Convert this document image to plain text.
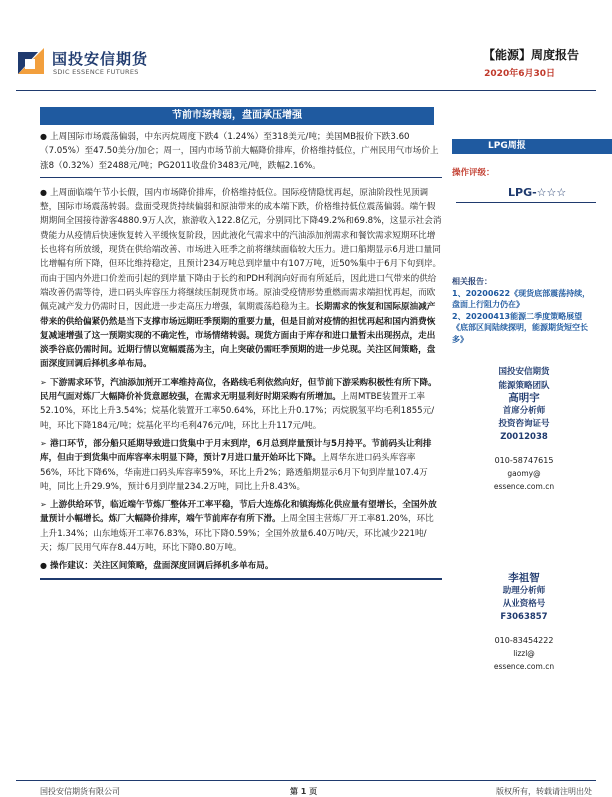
国投安信期货
SDIC ESSENCE FUTURES
【能源】周度报告
2020年6月30日
节前市场转弱，盘面承压增强

● 上周国际市场震荡偏弱，中东丙烷周度下跌4（1.24%）至318美元/吨；美国MB报价下跌3.60（7.05%）至47.50美分/加仑；周一，国内市场节前大幅降价排库，价格维持低位，广州民用气市场价上涨8（0.32%）至2488元/吨；PG2011收盘价3483元/吨，跌幅2.16%。

● 上周面临端午节小长假，国内市场降价排库，价格维持低位。国际疫情隐忧再起，原油阶段性见顶调整，国际市场震荡转弱。盘面受现货持续偏弱和原油带来的成本端下跌，价格维持低位震荡偏弱。端午假期期间全国接待游客4880.9万人次，旅游收入122.8亿元，分别同比下降49.2%和69.8%，这显示社会消费能力从疫情后快速恢复转入平缓恢复阶段，因此液化气需求中的汽油添加剂需求和餐饮需求短期环比增长也将有所放缓，现货在供给端改善、市场进入旺季之前将继续面临较大压力。进口船期显示6月进口量同比增幅有所下降，但环比维持稳定，且预计234万吨总到岸量中有107万吨，近50%集中于6月下旬到岸。而由于国内外进口价差而引起的到岸量下降由于长约和PDH利润向好而有所延后，因此进口气带来的供给端改善仍需等待，进口码头库容压力将继续压制现货市场。原油受疫情形势重燃而需求端担忧再起，而欧佩克减产发力仍需时日，因此进一步走高压力增强，氧期震荡趋稳为主。长期需求的恢复和国际原油减产带来的供给偏紧仍然是当下支撑市场远期旺季预期的重要力量，但是目前对疫情的担忧再起和国内消费恢复减速增强了这一预期实现的不确定性，市场情绪转弱。现货方面由于库存和进口量暂未出现拐点，走出淡季谷底仍需时间。近期行情以宽幅震荡为主，向上突破仍需旺季预期的进一步兑现。关注区间策略，盘面深度回调后择机多单布局。

➢ 下游需求环节，汽油添加剂开工率维持高位，各路线毛利依然向好，但节前下游采购积极性有所下降。民用气面对炼厂大幅降价补货意愿较强，在需求无明显利好时期采购有所增加。上周MTBE装置开工率52.10%，环比上升3.54%；烷基化装置开工率50.64%，环比上升0.17%；丙烷脱氢平均毛利1855元/吨，环比下降184元/吨；烷基化平均毛利476元/吨，环比上升117元/吨。

➢ 港口环节，部分船只延期导致进口货集中于月末到岸，6月总到岸量预计与5月持平。节前码头让利排库，但由于到货集中而库容率未明显下降，预计7月进口量开始环比下降。上周华东进口码头库容率56%，环比下降6%，华南进口码头库容率59%，环比上升2%；路透船期显示6月下旬到岸量107.4万吨，同比上升29.9%，预计6月到岸量234.2万吨，同比上升8.43%。

➢ 上游供给环节，临近端午节炼厂整体开工率平稳，节后大连炼化和镇海炼化供应量有望增长，全国外放量预计小幅增长。炼厂大幅降价排库，端午节前库存有所下滑。上周全国主营炼厂开工率81.20%，环比上升1.34%；山东地炼开工率76.83%，环比下降0.59%；全国外放量6.40万吨/天，环比减少221吨/天；炼厂民用气库存8.44万吨，环比下降0.80万吨。

● 操作建议：关注区间策略，盘面深度回调后择机多单布局。

LPG周报
操作评级：
LPG-☆☆☆
相关报告：
1、20200622《现货底部震荡持续，盘面上行阻力仍在》
2、20200413能源二季度策略展望《底部区间陆续探明，能源期货短空长多》
国投安信期货
能源策略团队
高明宇
首席分析师
投资咨询证号
Z0012038
010-58747615
gaomy@
essence.com.cn
李祖智
助理分析师
从业资格号
F3063857
010-83454222
lizzl@
essence.com.cn
国投安信期货有限公司	第 1 页	版权所有，转载请注明出处
